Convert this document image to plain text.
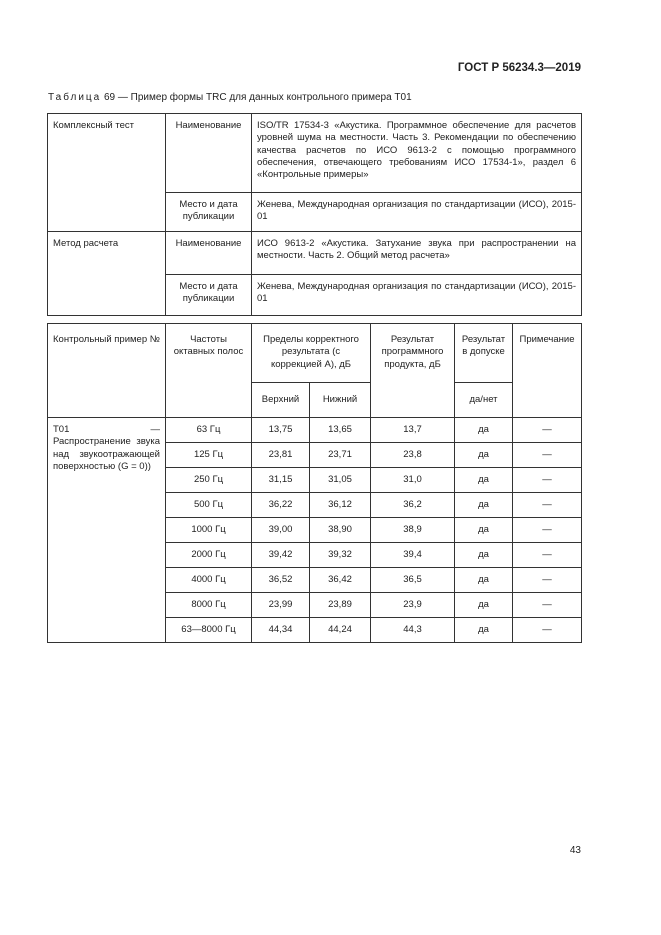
ГОСТ Р 56234.3—2019
Таблица 69 — Пример формы TRC для данных контрольного примера T01
Комплексный тест	Наименование	ISO/TR 17534-3 «Акустика. Программное обеспечение для расчетов уровней шума на местности. Часть 3. Рекомендации по обеспечению качества расчетов по ИСО 9613-2 с помощью программного обеспечения, отвечающего требованиям ИСО 17534-1», раздел 6 «Контрольные примеры»
	Место и дата публикации	Женева, Международная организация по стандартизации (ИСО), 2015-01
Метод расчета	Наименование	ИСО 9613-2 «Акустика. Затухание звука при распространении на местности. Часть 2. Общий метод расчета»
	Место и дата публикации	Женева, Международная организация по стандартизации (ИСО), 2015-01
Контрольный пример №	Частоты октавных полос	Пределы корректного результата (с коррекцией А), дБ		Результат программного продукта, дБ	Результат в допуске	Примечание
		Верхний	Нижний		да/нет	
T01 — Распространение звука над звукоотражающей поверхностью (G = 0))	63 Гц	13,75	13,65	13,7	да	—
	125 Гц	23,81	23,71	23,8	да	—
	250 Гц	31,15	31,05	31,0	да	—
	500 Гц	36,22	36,12	36,2	да	—
	1000 Гц	39,00	38,90	38,9	да	—
	2000 Гц	39,42	39,32	39,4	да	—
	4000 Гц	36,52	36,42	36,5	да	—
	8000 Гц	23,99	23,89	23,9	да	—
	63—8000 Гц	44,34	44,24	44,3	да	—
43
